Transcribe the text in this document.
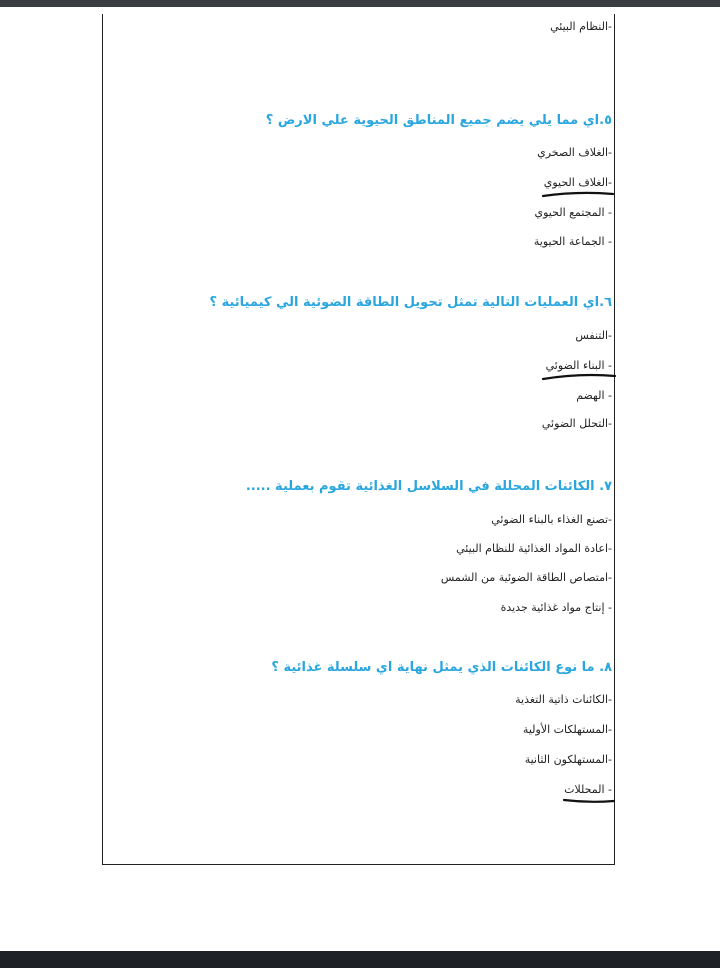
-النظام البيئي
٥.اي مما يلي يضم جميع المناطق الحيوية علي الارض ؟
-الغلاف الصخري
-الغلاف الحيوي
- المجتمع الحيوي
- الجماعة الحيوية
٦.اي العمليات التالية تمثل تحويل الطاقة الضوئية الي كيميائية ؟
-التنفس
- البناء الضوئي
- الهضم
-التحلل الضوئي
٧. الكائنات المحللة في السلاسل الغذائية تقوم بعملية .....
-تصنع الغذاء بالبناء الضوئي
-اعادة المواد الغذائية للنظام البيئي
-امتصاص الطاقة الضوئية من الشمس
- إنتاج مواد غذائية جديدة
٨. ما نوع الكائنات الذي يمثل نهاية اي سلسلة غذائية ؟
-الكائنات ذاتية التغذية
-المستهلكات الأولية
-المستهلكون الثانية
- المحللات
